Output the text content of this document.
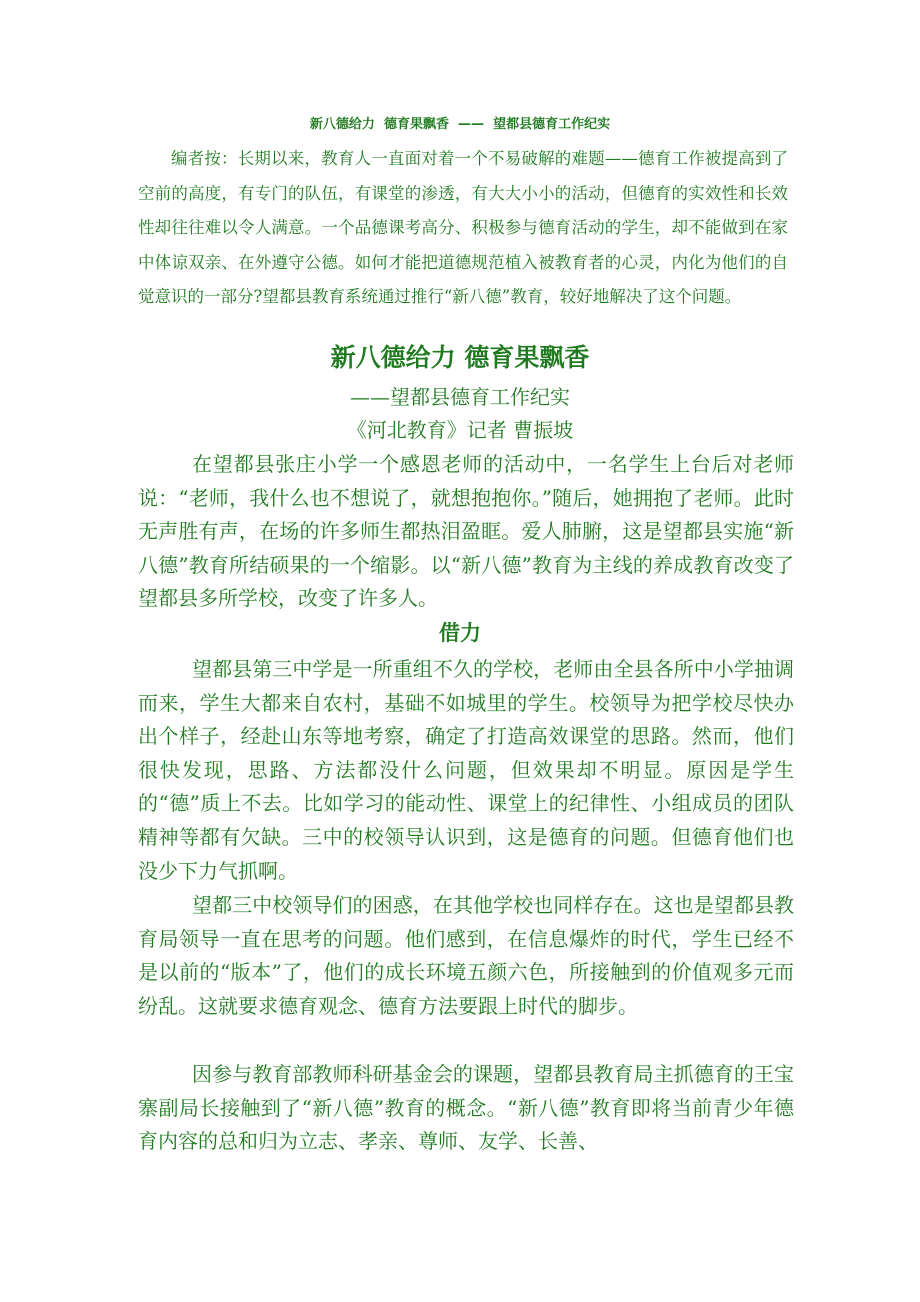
新八德给力  德育果飘香  ——  望都县德育工作纪实
编者按：长期以来，教育人一直面对着一个不易破解的难题——德育工作被提高到了空前的高度，有专门的队伍，有课堂的渗透，有大大小小的活动，但德育的实效性和长效性却往往难以令人满意。一个品德课考高分、积极参与德育活动的学生，却不能做到在家中体谅双亲、在外遵守公德。如何才能把道德规范植入被教育者的心灵，内化为他们的自觉意识的一部分?望都县教育系统通过推行“新八德”教育，较好地解决了这个问题。
新八德给力 德育果飘香
——望都县德育工作纪实
《河北教育》记者 曹振坡

在望都县张庄小学一个感恩老师的活动中，一名学生上台后对老师说：“老师，我什么也不想说了，就想抱抱你。”随后，她拥抱了老师。此时无声胜有声，在场的许多师生都热泪盈眶。爱人肺腑，这是望都县实施“新八德”教育所结硕果的一个缩影。以“新八德”教育为主线的养成教育改变了望都县多所学校，改变了许多人。

借力

望都县第三中学是一所重组不久的学校，老师由全县各所中小学抽调而来，学生大都来自农村，基础不如城里的学生。校领导为把学校尽快办出个样子，经赴山东等地考察，确定了打造高效课堂的思路。然而，他们很快发现，思路、方法都没什么问题，但效果却不明显。原因是学生的“德”质上不去。比如学习的能动性、课堂上的纪律性、小组成员的团队精神等都有欠缺。三中的校领导认识到，这是德育的问题。但德育他们也没少下力气抓啊。

望都三中校领导们的困惑，在其他学校也同样存在。这也是望都县教育局领导一直在思考的问题。他们感到，在信息爆炸的时代，学生已经不是以前的“版本”了，他们的成长环境五颜六色，所接触到的价值观多元而纷乱。这就要求德育观念、德育方法要跟上时代的脚步。

因参与教育部教师科研基金会的课题，望都县教育局主抓德育的王宝寨副局长接触到了“新八德”教育的概念。“新八德”教育即将当前青少年德育内容的总和归为立志、孝亲、尊师、友学、长善、
